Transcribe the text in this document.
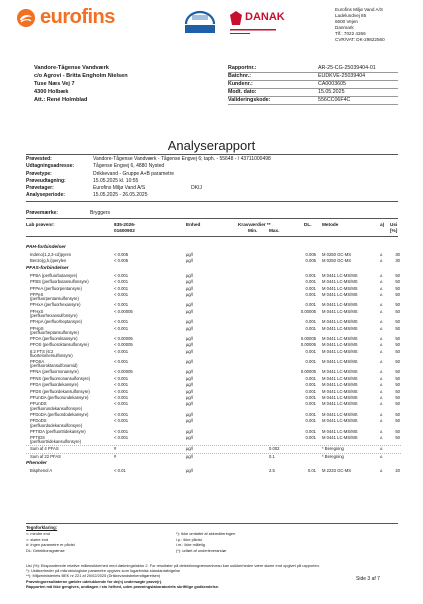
eurofins	DANAK
Eurofins Miljø Vand A/S
Ladelundvej 85
6600 Vejen
Danmark
Tlf.: 7022 4266
CVR/VAT: DK-29822560
Vandore-Tågense Vandværk
c/o Agrovi - Britta Engholm Nielsen
Tuse Næs Vej 7
4300 Holbæk
Att.: René Holmblad
Rapportnr.:	AR-25-CG-25039404-01
Batchnr.:	EUDKVE-25039404
Kundenr.:	CA0003605
Modt. dato:	15.05.2025
Valideringskode:	556CC06F4C
Analyserapport
Prøvested:	Vandore-Tågense Vandværk - Tågense Engvej 6; taph. - 55648 - / 43711000498
Udtagningsadresse:	Tågense Engvej 6, 4880 Nysted
Prøvetype:	Drikkevand - Gruppe A+B parametre
Prøveudtagning:	15.05.2025 kl. 10:55
Prøvetager:	Eurofins Miljø Vand A/S	DKIJ
Analyseperiode:	15.05.2025 - 26.05.2025
Prøvemærke:	Bryggers
Lab prøvenr:	835-2026-
01600902
Enhed	Kravværdier **
Min. Max.
DL. Metode	a) Usi
[%]
PAH-forbindelser
Indeno(1,2,3-cd)pyren	< 0.005	µg/l	0.005 M 0250 GC-MS	A	30
Benzo(g,h,i)perylen	< 0.005	µg/l	0.005 M 0250 GC-MS	A	30
PFAS-forbindelser
PFBA (perfluorbutansyre)	< 0.001	µg/l	0.001 M 0441 LC-MS/MS	A	50
PFBS (perfluorbutansulfonsyre)	< 0.001	µg/l	0.001 M 0441 LC-MS/MS	A	50
PFPeA (perfluorpentansyre)	< 0.001	µg/l	0.001 M 0441 LC-MS/MS	A	50
PFPeS	< 0.001	µg/l	0.001 M 0441 LC-MS/MS	A	50
(perfluorpentansulfonsyre)
PFHxA (perfluorhexansyre)	< 0.001	µg/l	0.001 M 0441 LC-MS/MS	A	50
PFHxS	< 0.00005	µg/l	0.00005 M 0441 LC-MS/MS	A	50
(perfluorhexansulfonsyre)
PFHpA (perfluorheptansyre)	< 0.001	µg/l	0.001 M 0441 LC-MS/MS	A	50
PFHpS	< 0.001	µg/l	0.001 M 0441 LC-MS/MS	A	50
(perfluorheptansulfonsyre)
PFOA (perfluoroktansyre)	< 0.00005	µg/l	0.00005 M 0441 LC-MS/MS	A	50
PFOS (perfluoroktansulfonsyre)	< 0.00005	µg/l	0.00005 M 0441 LC-MS/MS	A	50
6:2 FTS (6:2	< 0.001	µg/l	0.001 M 0441 LC-MS/MS	A	50
fluortelomersulfonsyre)
PFOSA	< 0.001	µg/l	0.001 M 0441 LC-MS/MS	A	50
(perfluoroktansulfonamid)
PFNA (perfluornonansyre)	< 0.00005	µg/l	0.00005 M 0441 LC-MS/MS	A	50
PFNS (perfluornonansulfonsyre)	< 0.001	µg/l	0.001 M 0441 LC-MS/MS	A	50
PFDA (perfluordekansyre)	< 0.001	µg/l	0.001 M 0441 LC-MS/MS	A	50
PFDS (perfluordekansulfonsyre)	< 0.001	µg/l	0.001 M 0441 LC-MS/MS	A	50
PFUnDA (perfluorundekansyre)	< 0.001	µg/l	0.001 M 0441 LC-MS/MS	A	50
PFUnDS	< 0.001	µg/l	0.001 M 0441 LC-MS/MS	A	50
(perfluorundekansulfonsyre)
PFDoDA (perfluordodekansyre)	< 0.001	µg/l	0.001 M 0441 LC-MS/MS	A	50
PFDoDS	< 0.001	µg/l	0.001 M 0441 LC-MS/MS	A	50
(perfluordodekansulfonsyre)
PFTrDA (perfluortridekansyre)	< 0.001	µg/l	0.001 M 0441 LC-MS/MS	A	50
PFTrDS	< 0.001	µg/l	0.001 M 0441 LC-MS/MS	A	50
(perfluortridekansulfonsyre)
Sum af 4 PFAS	#	µg/l	0.002	* Beregning	A
Sum af 22 PFAS	#	µg/l	0.1	* Beregning	A
Phenoler
Bisphenol A	< 0.01	µg/l	2.5	0.01 M 2233 GC-MS	A	20
Tegnforklaring:
<: mindre end
>: større end
#: Ingen parametre er påvist
DL: Detektionsgrænse
*): Ikke omfattet af akkrediteringen
i.p.: Ikke påvist
i.m.: Ikke målelig
(*): udført af underleverandør
Usi (%): Ekspanderede relative måleusikkerhed med dækningsfaktor 2. For resultater på detektionsgrænseniveau kan usikkerheden være større end opgivet på rapporten.
*): Usikkerheder på mikrobiologiske parametre opgives som logaritmisk standardafvigelse
**): Miljøministeriets BEK nr 221 af 20/02/2025 (Drikkevandsbekendtgørelsen)
Prøvningsresultaterne gælder udelukkende for de(n) undersøgte prøve(r).
Rapporten må ikke gengives, undtagen i sin helhed, uden prøvningslaboratoriets skriftlige godkendelse.
Side 3 af 7
